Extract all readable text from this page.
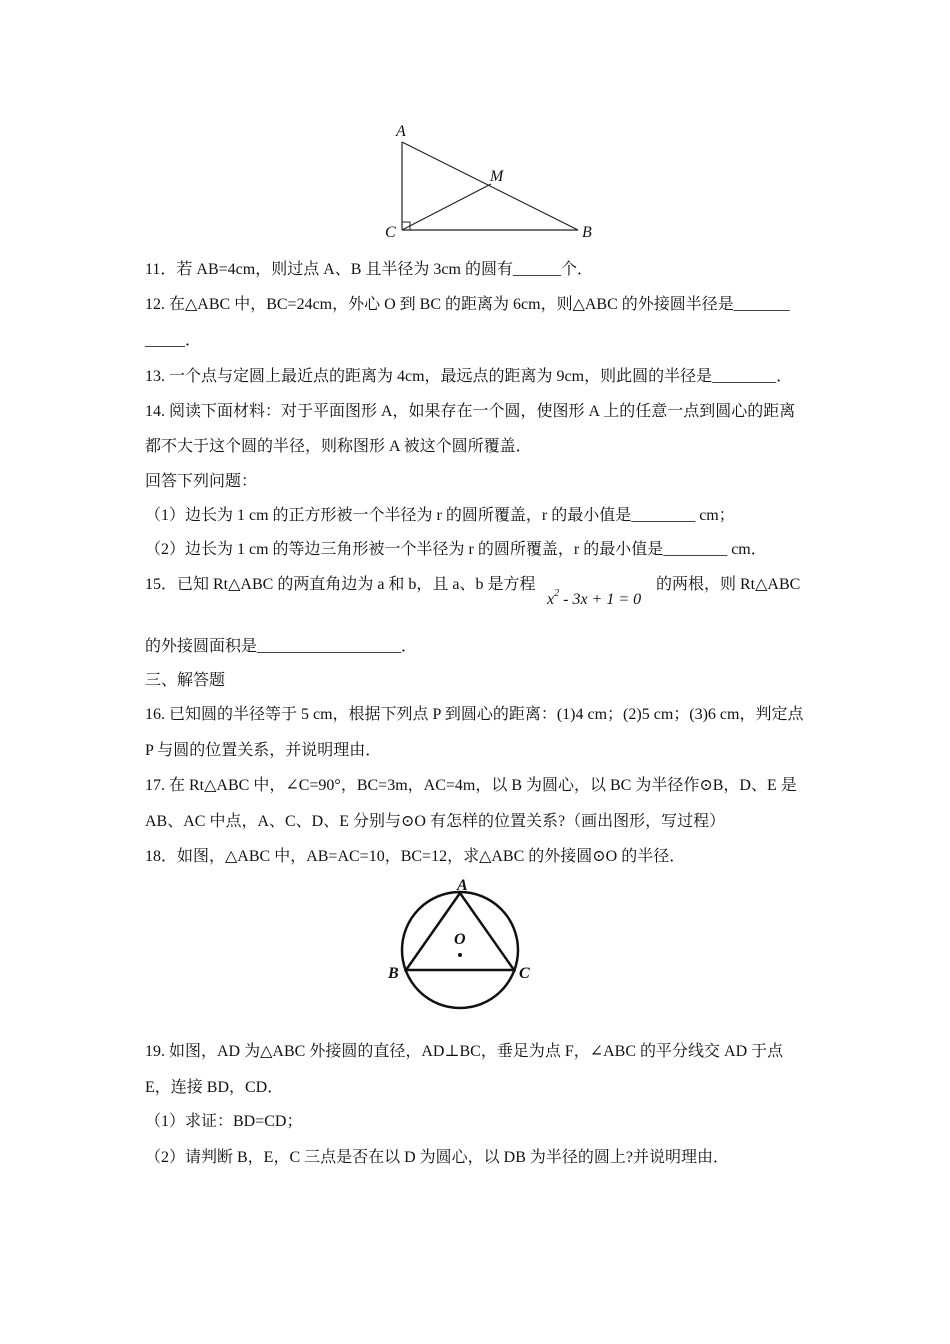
A
M
C	B
11．若 AB=4cm，则过点 A、B 且半径为 3cm 的圆有______个．
12. 在△ABC 中，BC=24cm，外心 O 到 BC 的距离为 6cm，则△ABC 的外接圆半径是_______
_____．
13. 一个点与定圆上最近点的距离为 4cm，最远点的距离为 9cm，则此圆的半径是________．
14. 阅读下面材料：对于平面图形 A，如果存在一个圆，使图形 A 上的任意一点到圆心的距离
都不大于这个圆的半径，则称图形 A 被这个圆所覆盖．
回答下列问题：
（1）边长为 1 cm 的正方形被一个半径为 r 的圆所覆盖，r 的最小值是________ cm；
（2）边长为 1 cm 的等边三角形被一个半径为 r 的圆所覆盖，r 的最小值是________ cm．
15．已知 Rt△ABC 的两直角边为 a 和 b，且 a、b 是方程
$x^2 - 3x + 1 = 0$
的两根，则 Rt△ABC
的外接圆面积是__________________．
三、解答题
16. 已知圆的半径等于 5 cm，根据下列点 P 到圆心的距离：(1)4 cm；(2)5 cm；(3)6 cm，判定点
P 与圆的位置关系，并说明理由．
17. 在 Rt△ABC 中，∠C=90°，BC=3m，AC=4m，以 B 为圆心，以 BC 为半径作⊙B，D、E 是
AB、AC 中点，A、C、D、E 分别与⊙O 有怎样的位置关系?（画出图形，写过程）
18．如图，△ABC 中，AB=AC=10，BC=12，求△ABC 的外接圆⊙O 的半径．
A
O
B	C
19. 如图，AD 为△ABC 外接圆的直径，AD⊥BC，垂足为点 F，∠ABC 的平分线交 AD 于点
E，连接 BD，CD．
（1）求证：BD=CD；
（2）请判断 B，E，C 三点是否在以 D 为圆心，以 DB 为半径的圆上?并说明理由．
